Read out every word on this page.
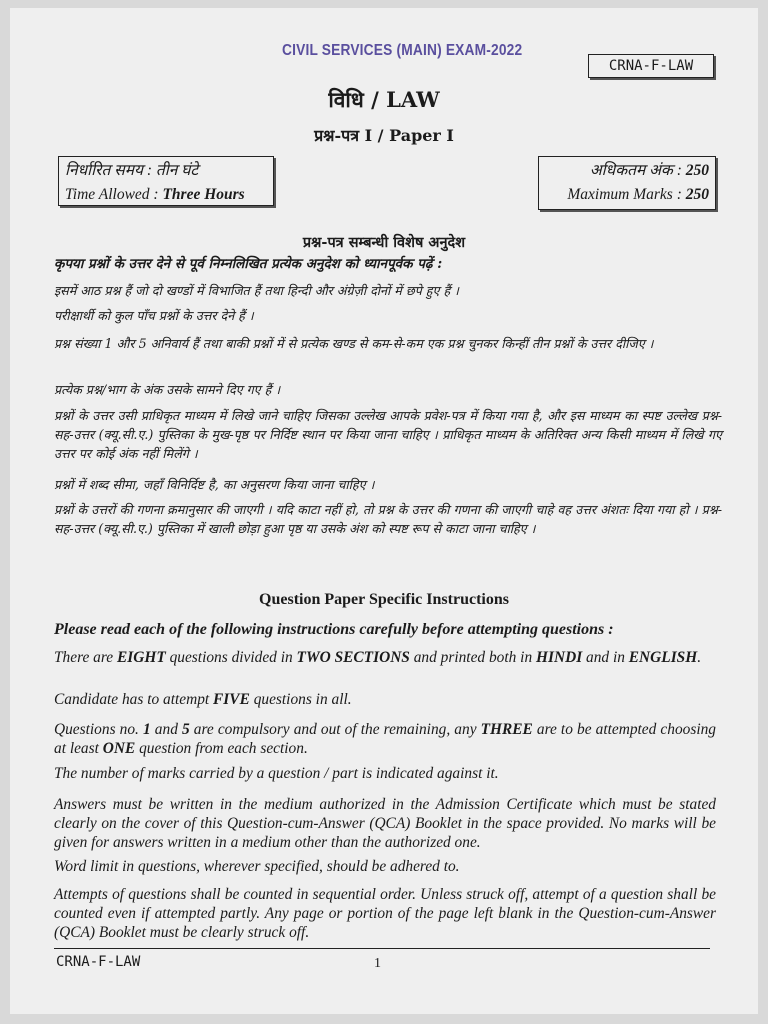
CIVIL SERVICES (MAIN) EXAM-2022
CRNA-F-LAW
विधि / LAW
प्रश्न-पत्र I / Paper I
निर्धारित समय : तीन घंटे
Time Allowed : Three Hours
अधिकतम अंक : 250
Maximum Marks : 250
प्रश्न-पत्र सम्बन्धी विशेष अनुदेश
कृपया प्रश्नों के उत्तर देने से पूर्व निम्नलिखित प्रत्येक अनुदेश को ध्यानपूर्वक पढ़ें :
इसमें आठ प्रश्न हैं जो दो खण्डों में विभाजित हैं तथा हिन्दी और अंग्रेज़ी दोनों में छपे हुए हैं ।
परीक्षार्थी को कुल पाँच प्रश्नों के उत्तर देने हैं ।
प्रश्न संख्या 1 और 5 अनिवार्य हैं तथा बाकी प्रश्नों में से प्रत्येक खण्ड से कम-से-कम एक प्रश्न चुनकर किन्हीं तीन प्रश्नों के उत्तर दीजिए ।
प्रत्येक प्रश्न/भाग के अंक उसके सामने दिए गए हैं ।
प्रश्नों के उत्तर उसी प्राधिकृत माध्यम में लिखे जाने चाहिए जिसका उल्लेख आपके प्रवेश-पत्र में किया गया है, और इस माध्यम का स्पष्ट उल्लेख प्रश्न-सह-उत्तर (क्यू.सी.ए.) पुस्तिका के मुख-पृष्ठ पर निर्दिष्ट स्थान पर किया जाना चाहिए । प्राधिकृत माध्यम के अतिरिक्त अन्य किसी माध्यम में लिखे गए उत्तर पर कोई अंक नहीं मिलेंगे ।
प्रश्नों में शब्द सीमा, जहाँ विनिर्दिष्ट है, का अनुसरण किया जाना चाहिए ।
प्रश्नों के उत्तरों की गणना क्रमानुसार की जाएगी । यदि काटा नहीं हो, तो प्रश्न के उत्तर की गणना की जाएगी चाहे वह उत्तर अंशतः दिया गया हो । प्रश्न-सह-उत्तर (क्यू.सी.ए.) पुस्तिका में खाली छोड़ा हुआ पृष्ठ या उसके अंश को स्पष्ट रूप से काटा जाना चाहिए ।
Question Paper Specific Instructions
Please read each of the following instructions carefully before attempting questions :
There are EIGHT questions divided in TWO SECTIONS and printed both in HINDI and in ENGLISH.
Candidate has to attempt FIVE questions in all.
Questions no. 1 and 5 are compulsory and out of the remaining, any THREE are to be attempted choosing at least ONE question from each section.
The number of marks carried by a question / part is indicated against it.
Answers must be written in the medium authorized in the Admission Certificate which must be stated clearly on the cover of this Question-cum-Answer (QCA) Booklet in the space provided. No marks will be given for answers written in a medium other than the authorized one.
Word limit in questions, wherever specified, should be adhered to.
Attempts of questions shall be counted in sequential order. Unless struck off, attempt of a question shall be counted even if attempted partly. Any page or portion of the page left blank in the Question-cum-Answer (QCA) Booklet must be clearly struck off.
CRNA-F-LAW	1
